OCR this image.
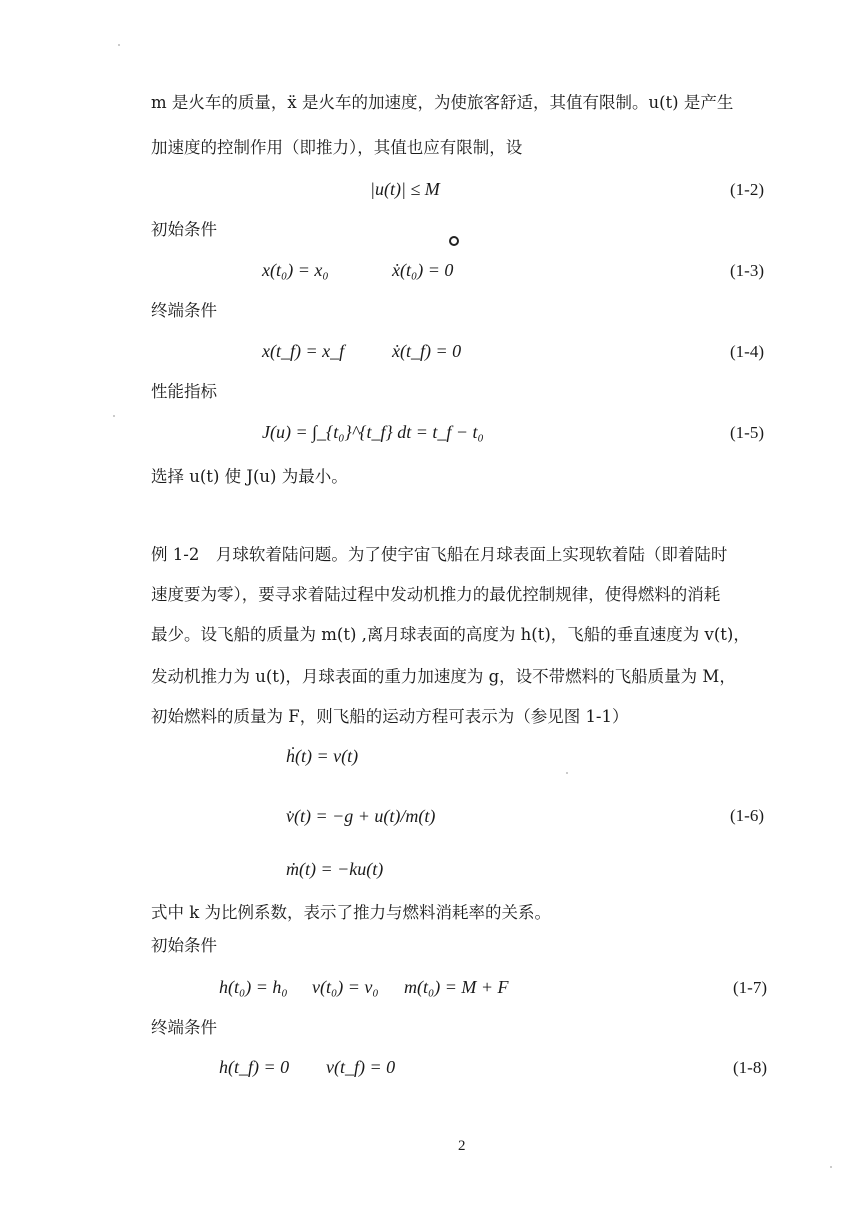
m 是火车的质量，ẍ 是火车的加速度，为使旅客舒适，其值有限制。u(t) 是产生
加速度的控制作用（即推力），其值也应有限制，设
|u(t)| ≤ M	(1-2)
初始条件
x(t₀) = x₀	ẋ(t₀) = 0	(1-3)
终端条件
x(t_f) = x_f	ẋ(t_f) = 0	(1-4)
性能指标
J(u) = ∫_{t₀}^{t_f} dt = t_f − t₀	(1-5)
选择 u(t) 使 J(u) 为最小。
例 1-2　月球软着陆问题。为了使宇宙飞船在月球表面上实现软着陆（即着陆时
速度要为零），要寻求着陆过程中发动机推力的最优控制规律，使得燃料的消耗
最少。设飞船的质量为 m(t) ,离月球表面的高度为 h(t)，飞船的垂直速度为 v(t)，
发动机推力为 u(t)，月球表面的重力加速度为 g，设不带燃料的飞船质量为 M，
初始燃料的质量为 F，则飞船的运动方程可表示为（参见图 1-1）
ḣ(t) = v(t)
v̇(t) = −g + u(t)/m(t)	(1-6)
ṁ(t) = −ku(t)
式中 k 为比例系数，表示了推力与燃料消耗率的关系。
初始条件
h(t₀) = h₀ v(t₀) = v₀ m(t₀) = M + F	(1-7)
终端条件
h(t_f) = 0 v(t_f) = 0	(1-8)
2
